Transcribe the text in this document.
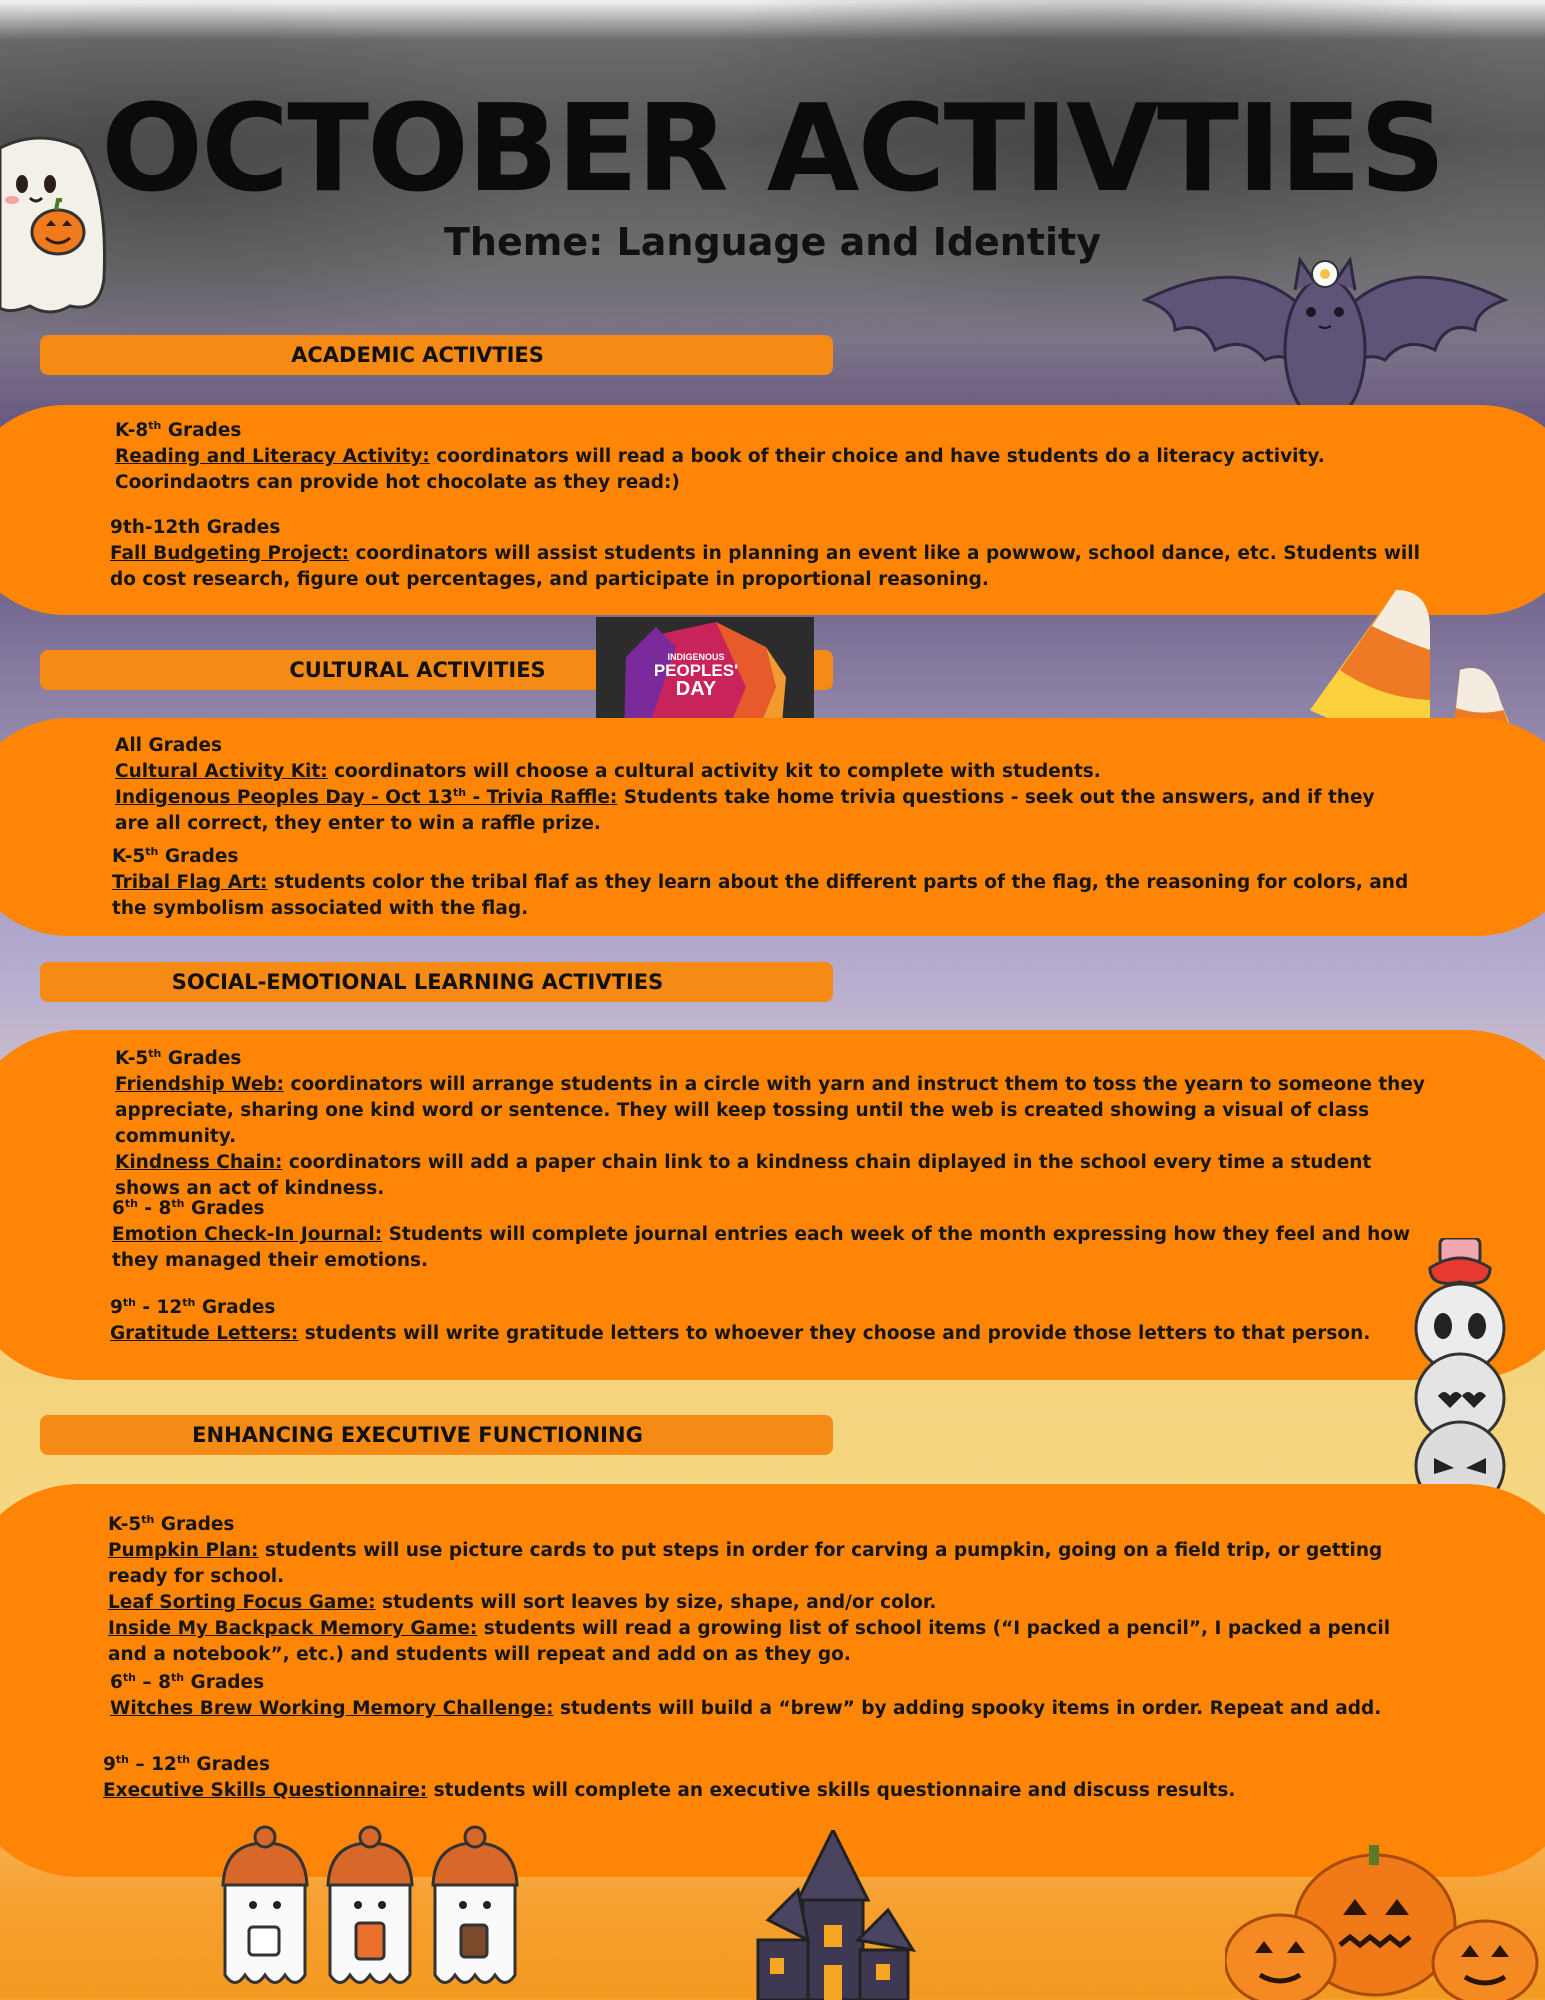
OCTOBER ACTIVTIES
Theme: Language and Identity
ACADEMIC ACTIVTIES

K-8th Grades

Reading and Literacy Activity: coordinators will read a book of their choice and have students do a literacy activity. Coorindaotrs can provide hot chocolate as they read:)

9th-12th Grades

Fall Budgeting Project: coordinators will assist students in planning an event like a powwow, school dance, etc. Students will do cost research, figure out percentages, and participate in proportional reasoning.

CULTURAL ACTIVITIES
INDIGENOUS
PEOPLES'
DAY

All Grades

Cultural Activity Kit: coordinators will choose a cultural activity kit to complete with students.

Indigenous Peoples Day - Oct 13th - Trivia Raffle: Students take home trivia questions - seek out the answers, and if they are all correct, they enter to win a raffle prize.

K-5th Grades

Tribal Flag Art: students color the tribal flaf as they learn about the different parts of the flag, the reasoning for colors, and the symbolism associated with the flag.

SOCIAL-EMOTIONAL LEARNING ACTIVTIES

K-5th Grades

Friendship Web: coordinators will arrange students in a circle with yarn and instruct them to toss the yearn to someone they appreciate, sharing one kind word or sentence. They will keep tossing until the web is created showing a visual of class community.

Kindness Chain: coordinators will add a paper chain link to a kindness chain diplayed in the school every time a student shows an act of kindness.

6th - 8th Grades

Emotion Check-In Journal: Students will complete journal entries each week of the month expressing how they feel and how they managed their emotions.

9th - 12th Grades

Gratitude Letters: students will write gratitude letters to whoever they choose and provide those letters to that person.

ENHANCING EXECUTIVE FUNCTIONING

K-5th Grades

Pumpkin Plan: students will use picture cards to put steps in order for carving a pumpkin, going on a field trip, or getting ready for school.

Leaf Sorting Focus Game: students will sort leaves by size, shape, and/or color.

Inside My Backpack Memory Game: students will read a growing list of school items (“I packed a pencil”, I packed a pencil and a notebook”, etc.) and students will repeat and add on as they go.

6th – 8th Grades

Witches Brew Working Memory Challenge: students will build a “brew” by adding spooky items in order. Repeat and add.

9th – 12th Grades

Executive Skills Questionnaire: students will complete an executive skills questionnaire and discuss results.
